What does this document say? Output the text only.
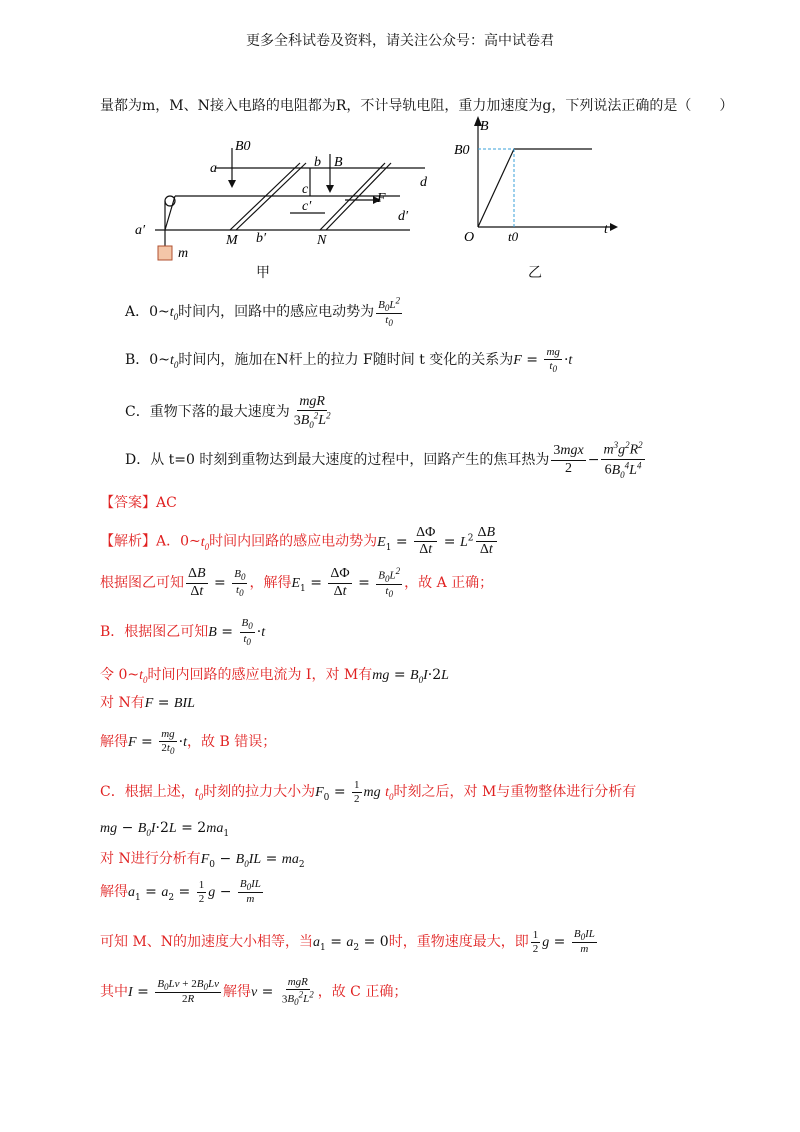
更多全科试卷及资料，请关注公众号：高中试卷君
量都为m，M、N接入电路的电阻都为R，不计导轨电阻，重力加速度为g，下列说法正确的是（　　）
a	b
c	d
a′
b′
c′
d′
M	N
B0
B
F
m
甲
B
B0
O	t0	t
乙
A．$0\sim t_0$时间内，回路中的感应电动势为 $\frac{B_0L^2}{t_0}$
B．$0\sim t_0$时间内，施加在N杆上的拉力 F随时间 t 变化的关系为$F = \frac{mg}{t_0} \cdot t$
C．重物下落的最大速度为 $\frac{\text{mgR}}{3B_0^2L^2}$
D．从 t=0 时刻到重物达到最大速度的过程中，回路产生的焦耳热为 $\frac{\text{3mgx}}{2} - \frac{m^3g^2R^2}{6B_0^4L^4}$
【答案】AC
【解析】A．$0\sim t_0$时间内回路的感应电动势为$E_1 = \frac{\Delta\Phi}{\Delta t} = L^2 \frac{\Delta B}{\Delta t}$
根据图乙可知 $\frac{\Delta B}{\Delta t} = \frac{B_0}{t_0}$ ，解得$E_1 = \frac{\Delta\Phi}{\Delta t} = \frac{B_0L^2}{t_0}$ ，故 A 正确；
B．根据图乙可知$B = \frac{B_0}{t_0} \cdot t$
令 $0\sim t_0$时间内回路的感应电流为 I，对 M有mg = $B_0I\cdot 2L$
对 N有F = BIL
解得$F = \frac{mg}{2t_0} \cdot t$，故 B 错误；
C．根据上述，$t_0$时刻的拉力大小为$F_0 = \frac{1}{2}$ mg $t_0$时刻之后，对 M与重物整体进行分析有
mg − $B_0I\cdot 2L = 2ma_1$
对 N进行分析有$F_0 - B_0IL = ma_2$
解得$a_1 = a_2 = \frac{1}{2}$ $g - \frac{B_0IL}{m}$
可知 M、N的加速度大小相等，当$a_1 = a_2 = 0$时，重物速度最大，即 $\frac{1}{2}$ $g = \frac{B_0IL}{m}$
其中$I = \frac{B_0Lv + 2B_0Lv}{2R}$ 解得$v = \frac{\text{mgR}}{3B_0^2L^2}$ ，故 C 正确；
